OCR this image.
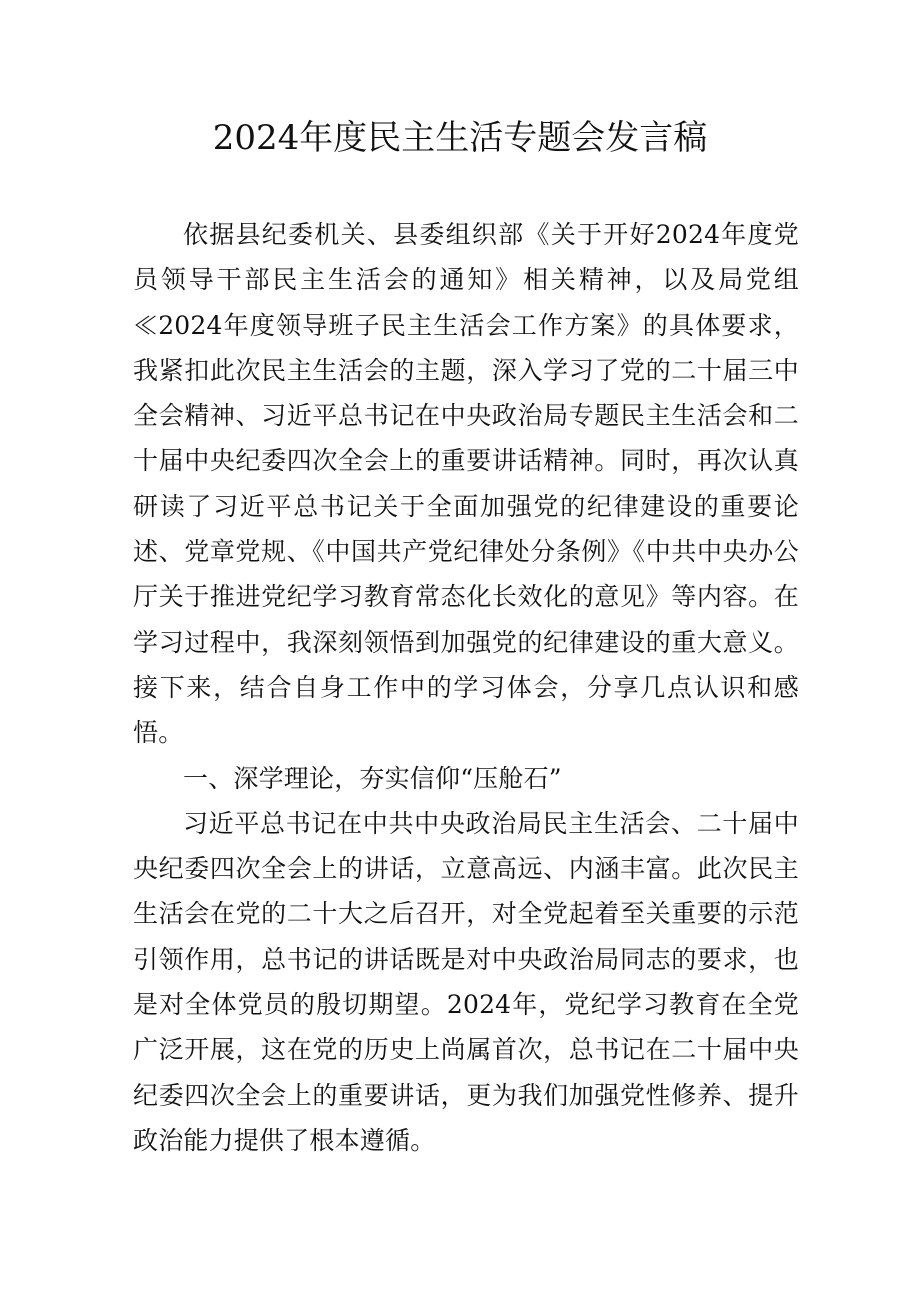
2024年度民主生活专题会发言稿

依据县纪委机关、县委组织部《关于开好2024年度党员领导干部民主生活会的通知》相关精神，以及局党组≪2024年度领导班子民主生活会工作方案》的具体要求，我紧扣此次民主生活会的主题，深入学习了党的二十届三中全会精神、习近平总书记在中央政治局专题民主生活会和二十届中央纪委四次全会上的重要讲话精神。同时，再次认真研读了习近平总书记关于全面加强党的纪律建设的重要论述、党章党规、《中国共产党纪律处分条例》《中共中央办公厅关于推进党纪学习教育常态化长效化的意见》等内容。在学习过程中，我深刻领悟到加强党的纪律建设的重大意义。接下来，结合自身工作中的学习体会，分享几点认识和感悟。

一、深学理论，夯实信仰“压舱石”

习近平总书记在中共中央政治局民主生活会、二十届中央纪委四次全会上的讲话，立意高远、内涵丰富。此次民主生活会在党的二十大之后召开，对全党起着至关重要的示范引领作用，总书记的讲话既是对中央政治局同志的要求，也是对全体党员的殷切期望。2024年，党纪学习教育在全党广泛开展，这在党的历史上尚属首次，总书记在二十届中央纪委四次全会上的重要讲话，更为我们加强党性修养、提升政治能力提供了根本遵循。
